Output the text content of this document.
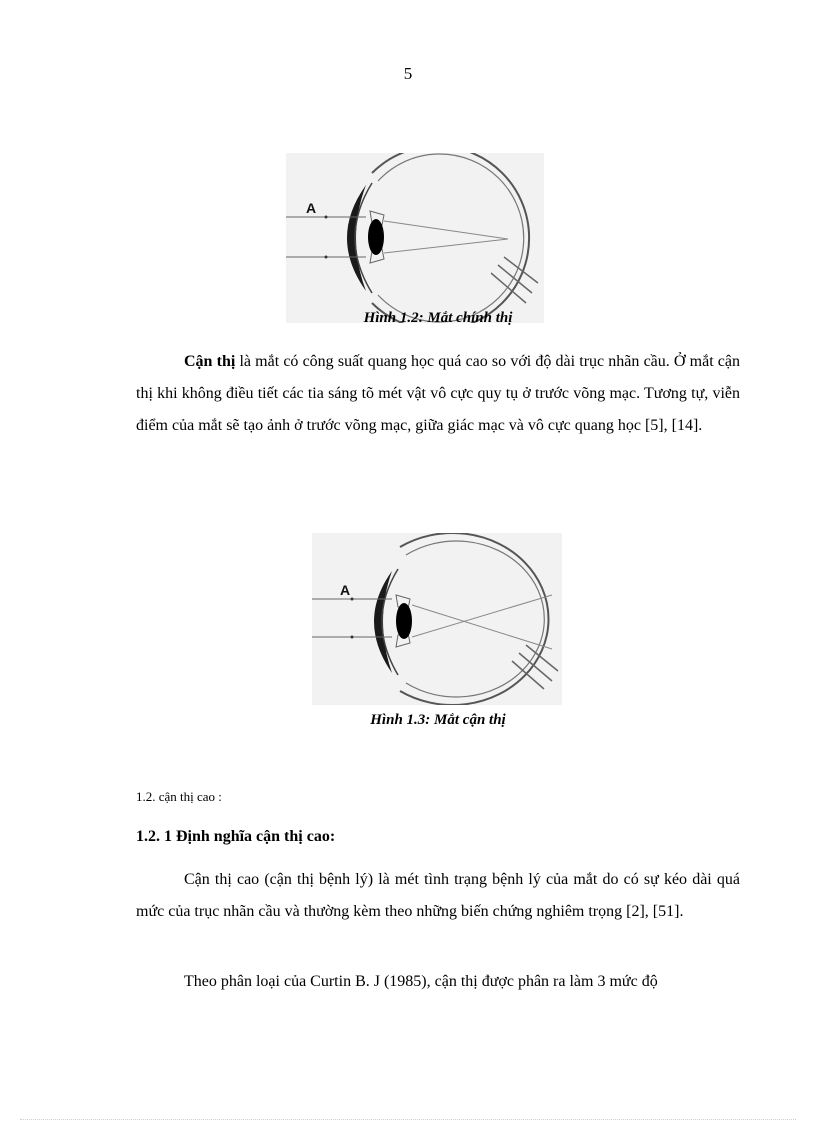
5
A
Hình 1.2: Mắt chính thị
Cận thị là mắt có công suất quang học quá cao so với độ dài trục nhãn cầu. Ở mắt cận thị khi không điều tiết các tia sáng tõ mét vật vô cực quy tụ ở trước võng mạc. Tương tự, viễn điểm của mắt sẽ tạo ảnh ở trước võng mạc, giữa giác mạc và vô cực quang học [5], [14].
A
Hình 1.3: Mắt cận thị
1.2. cận thị cao :
1.2. 1 Định nghĩa cận thị cao:
Cận thị cao (cận thị bệnh lý) là mét tình trạng bệnh lý của mắt do có sự kéo dài quá mức của trục nhãn cầu và thường kèm theo những biến chứng nghiêm trọng [2], [51].
Theo phân loại của Curtin B. J (1985), cận thị được phân ra làm 3 mức độ
